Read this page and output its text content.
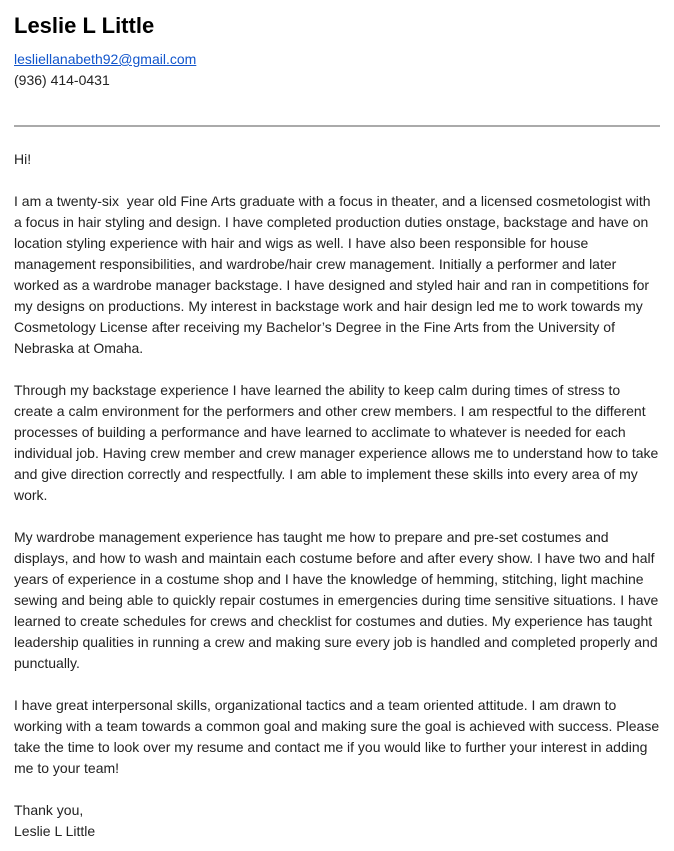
Leslie L Little
lesliellanabeth92@gmail.com
(936) 414-0431

Hi!

I am a twenty-six  year old Fine Arts graduate with a focus in theater, and a licensed cosmetologist with a focus in hair styling and design. I have completed production duties onstage, backstage and have on location styling experience with hair and wigs as well. I have also been responsible for house management responsibilities, and wardrobe/hair crew management. Initially a performer and later worked as a wardrobe manager backstage. I have designed and styled hair and ran in competitions for my designs on productions. My interest in backstage work and hair design led me to work towards my Cosmetology License after receiving my Bachelor’s Degree in the Fine Arts from the University of Nebraska at Omaha.

Through my backstage experience I have learned the ability to keep calm during times of stress to create a calm environment for the performers and other crew members. I am respectful to the different processes of building a performance and have learned to acclimate to whatever is needed for each individual job. Having crew member and crew manager experience allows me to understand how to take and give direction correctly and respectfully. I am able to implement these skills into every area of my work.

My wardrobe management experience has taught me how to prepare and pre-set costumes and displays, and how to wash and maintain each costume before and after every show. I have two and half years of experience in a costume shop and I have the knowledge of hemming, stitching, light machine sewing and being able to quickly repair costumes in emergencies during time sensitive situations. I have learned to create schedules for crews and checklist for costumes and duties. My experience has taught leadership qualities in running a crew and making sure every job is handled and completed properly and punctually.

I have great interpersonal skills, organizational tactics and a team oriented attitude. I am drawn to working with a team towards a common goal and making sure the goal is achieved with success. Please take the time to look over my resume and contact me if you would like to further your interest in adding me to your team!

Thank you,
Leslie L Little
